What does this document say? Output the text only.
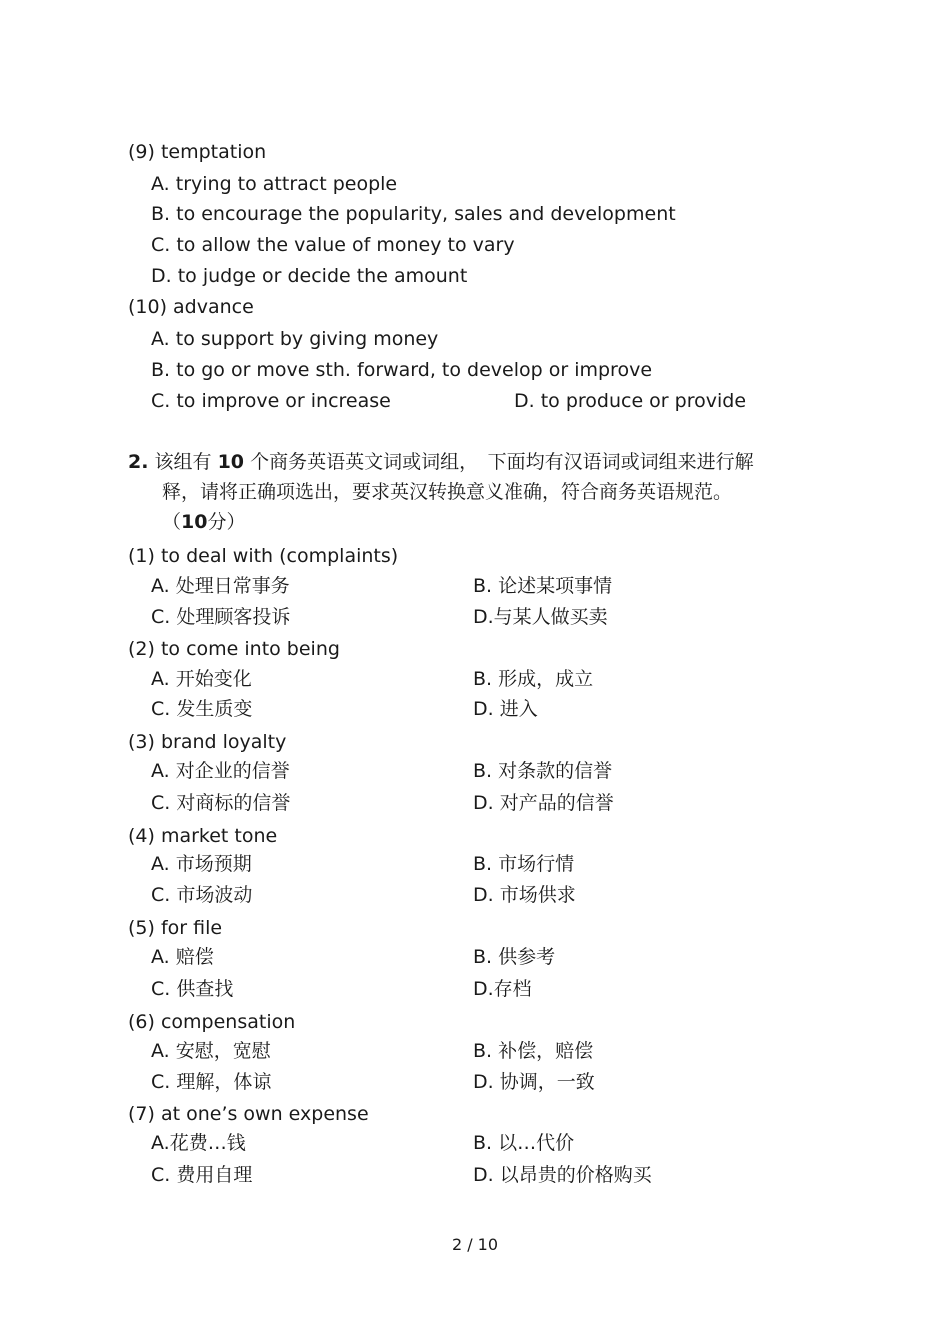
(9) temptation
A. trying to attract people
B. to encourage the popularity, sales and development
C. to allow the value of money to vary
D. to judge or decide the amount
(10) advance
A. to support by giving money
B. to go or move sth. forward, to develop or improve
C. to improve or increase	D. to produce or provide
2. 该组有 10 个商务英语英文词或词组，　下面均有汉语词或词组来进行解
释，请将正确项选出，要求英汉转换意义准确，符合商务英语规范。
（10分）
(1) to deal with (complaints)
A. 处理日常事务	B. 论述某项事情
C. 处理顾客投诉	D.与某人做买卖
(2) to come into being
A. 开始变化	B. 形成，成立
C. 发生质变	D. 进入
(3) brand loyalty
A. 对企业的信誉	B. 对条款的信誉
C. 对商标的信誉	D. 对产品的信誉
(4) market tone
A. 市场预期	B. 市场行情
C. 市场波动	D. 市场供求
(5) for file
A. 赔偿	B. 供参考
C. 供查找	D.存档
(6) compensation
A. 安慰，宽慰	B. 补偿，赔偿
C. 理解，体谅	D. 协调，一致
(7) at one’s own expense
A.花费…钱	B. 以…代价
C. 费用自理	D. 以昂贵的价格购买
2 / 10
